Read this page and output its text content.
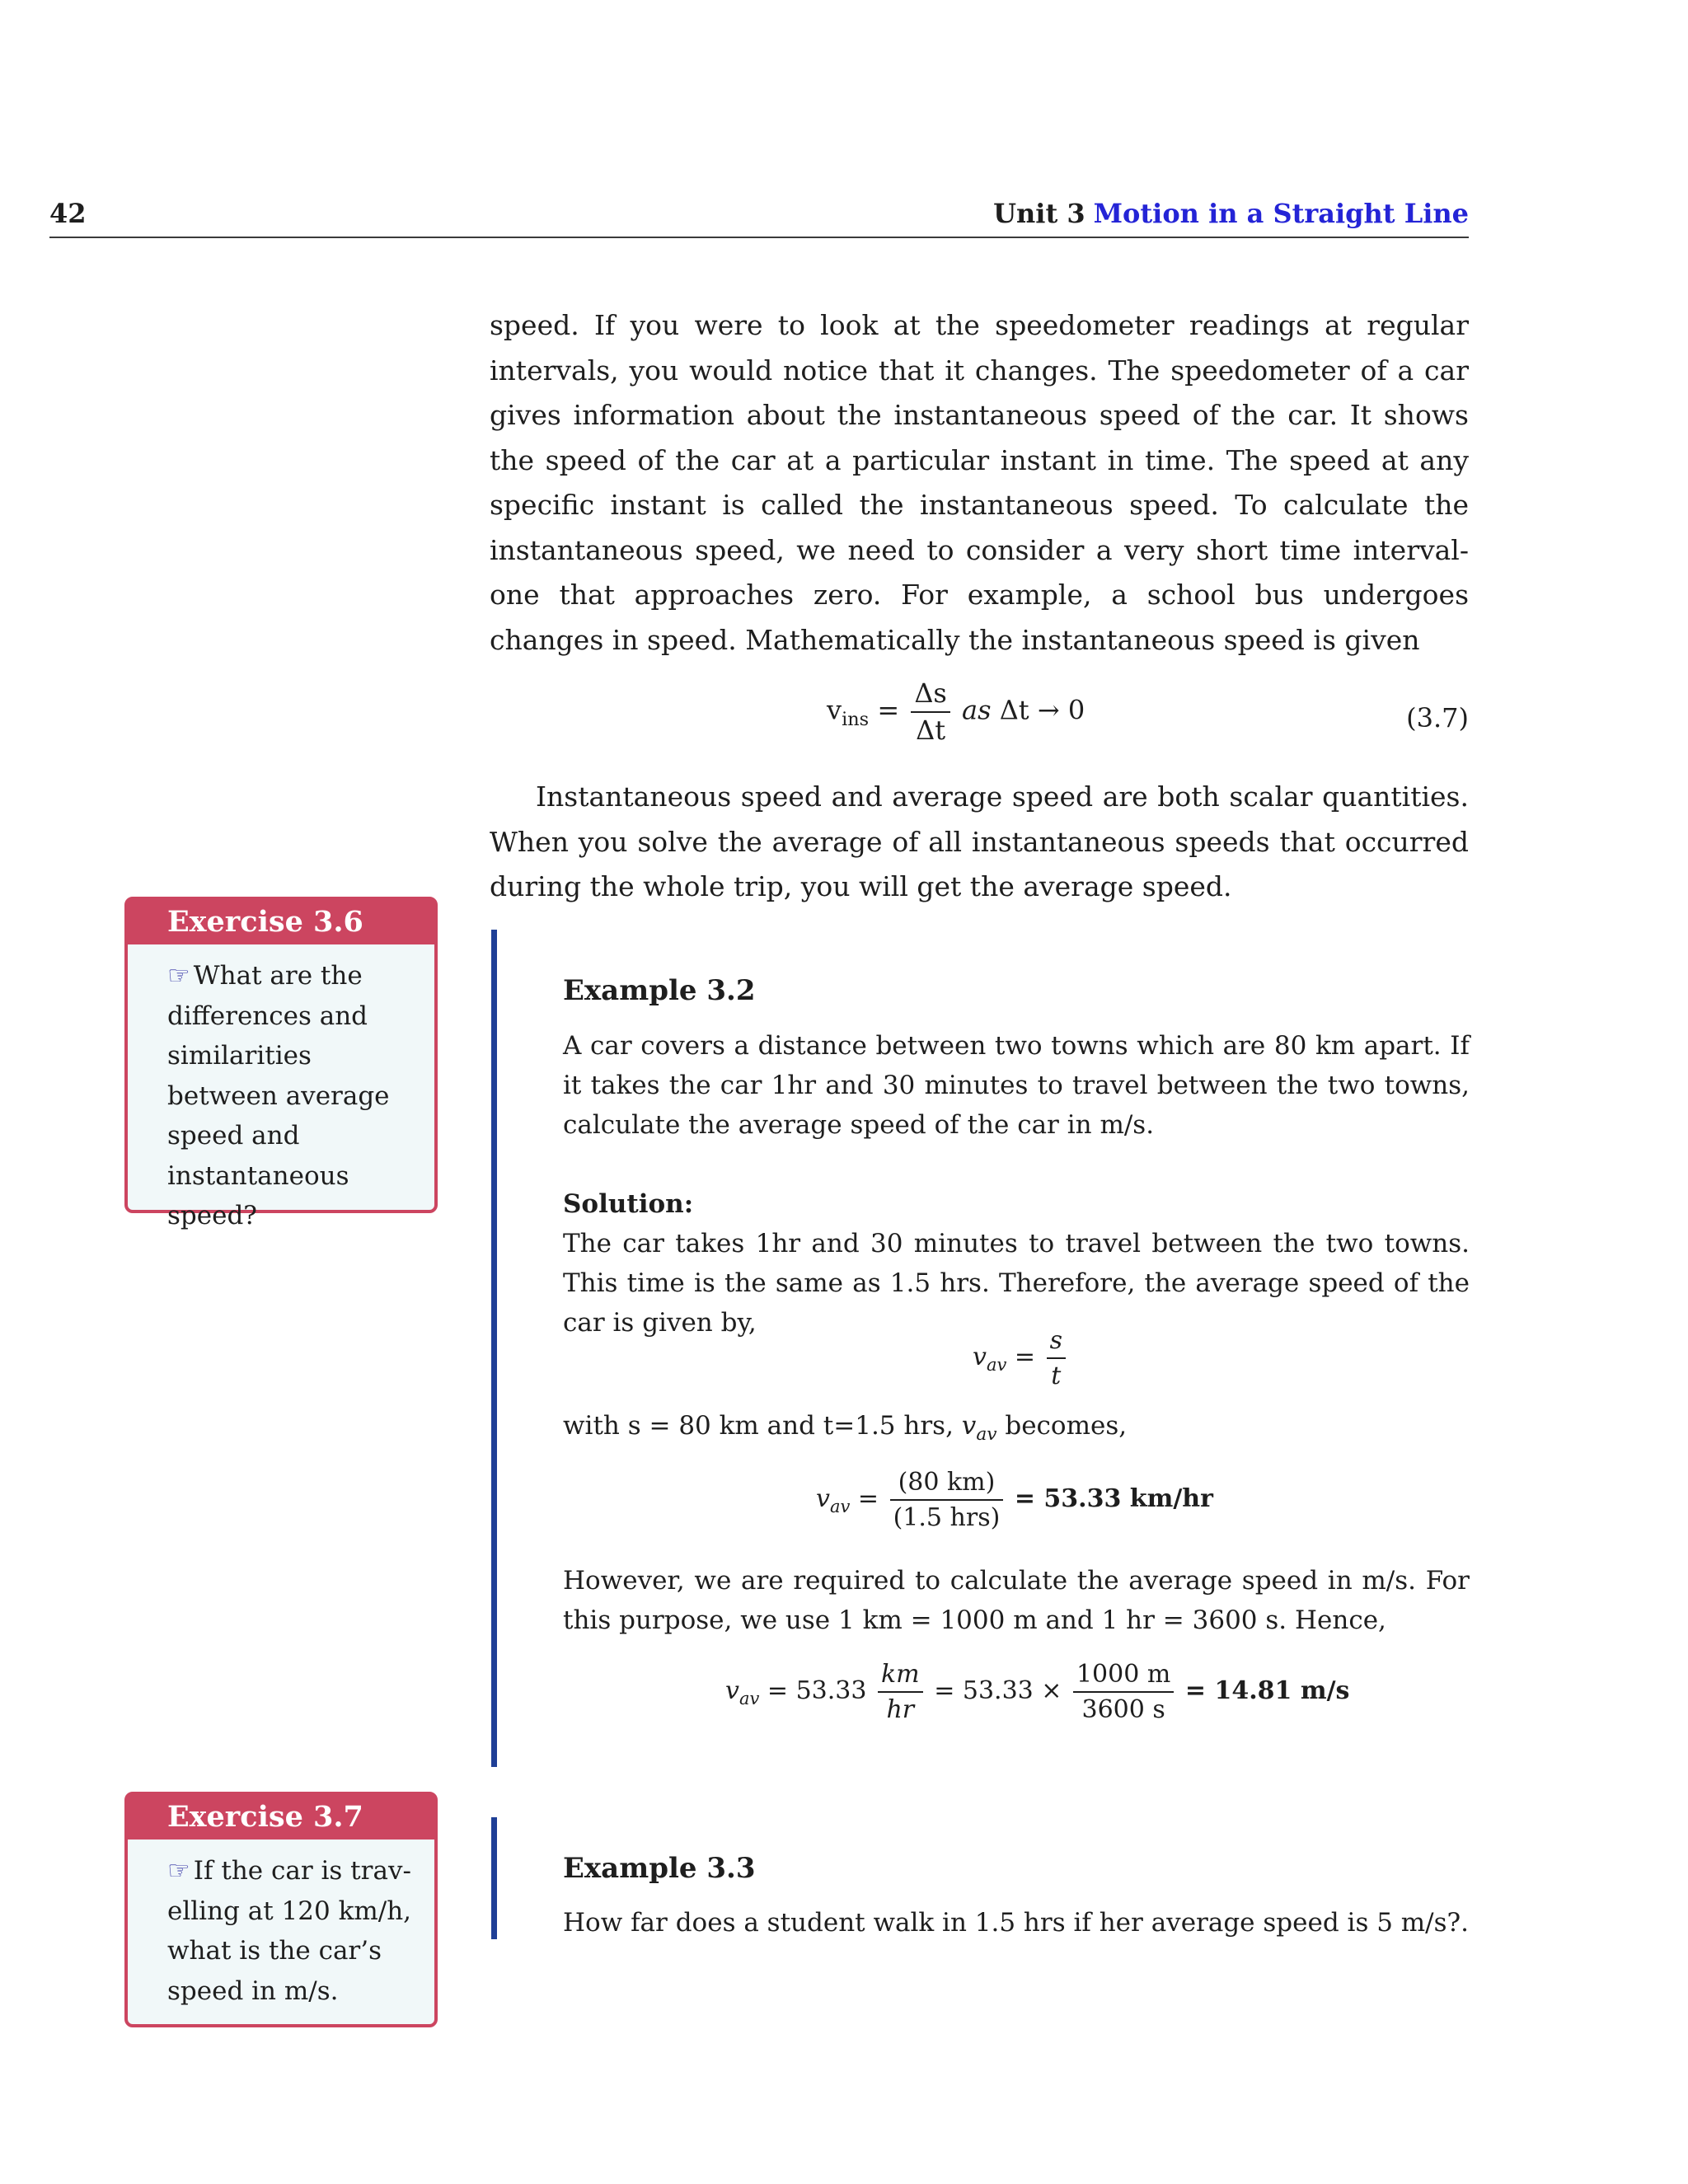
42	Unit 3 Motion in a Straight Line
speed. If you were to look at the speedometer readings at regular intervals, you would notice that it changes. The speedometer of a car gives information about the instantaneous speed of the car. It shows the speed of the car at a particular instant in time. The speed at any specific instant is called the instantaneous speed. To calculate the instantaneous speed, we need to consider a very short time interval-one that approaches zero. For example, a school bus undergoes changes in speed. Mathematically the instantaneous speed is given
$v_{ins} = \frac{\Delta s}{\Delta t}$ as Δt → 0	(3.7)
Instantaneous speed and average speed are both scalar quantities. When you solve the average of all instantaneous speeds that occurred during the whole trip, you will get the average speed.
Exercise 3.6
☞ What are the differences and similarities between average speed and instantaneous speed?
Example 3.2
A car covers a distance between two towns which are 80 km apart. If it takes the car 1hr and 30 minutes to travel between the two towns, calculate the average speed of the car in m/s.
Solution:
The car takes 1hr and 30 minutes to travel between the two towns. This time is the same as 1.5 hrs. Therefore, the average speed of the car is given by,
$v_{av} = \frac{s}{t}$
with s = 80 km and t=1.5 hrs, $v_{av}$ becomes,
$v_{av} = \frac{(80 km)}{\text{(1.5 hrs)}} = 53.33$ km/hr
However, we are required to calculate the average speed in m/s. For this purpose, we use 1 km = 1000 m and 1 hr = 3600 s. Hence,
$v_{av} = 53.33 \frac{km}{hr} = 53.33 \times \frac{1000 m}{3600 s} = 14.81$ m/s
Exercise 3.7
☞ If the car is trav-elling at 120 km/h, what is the car’s speed in m/s.
Example 3.3
How far does a student walk in 1.5 hrs if her average speed is 5 m/s?.
